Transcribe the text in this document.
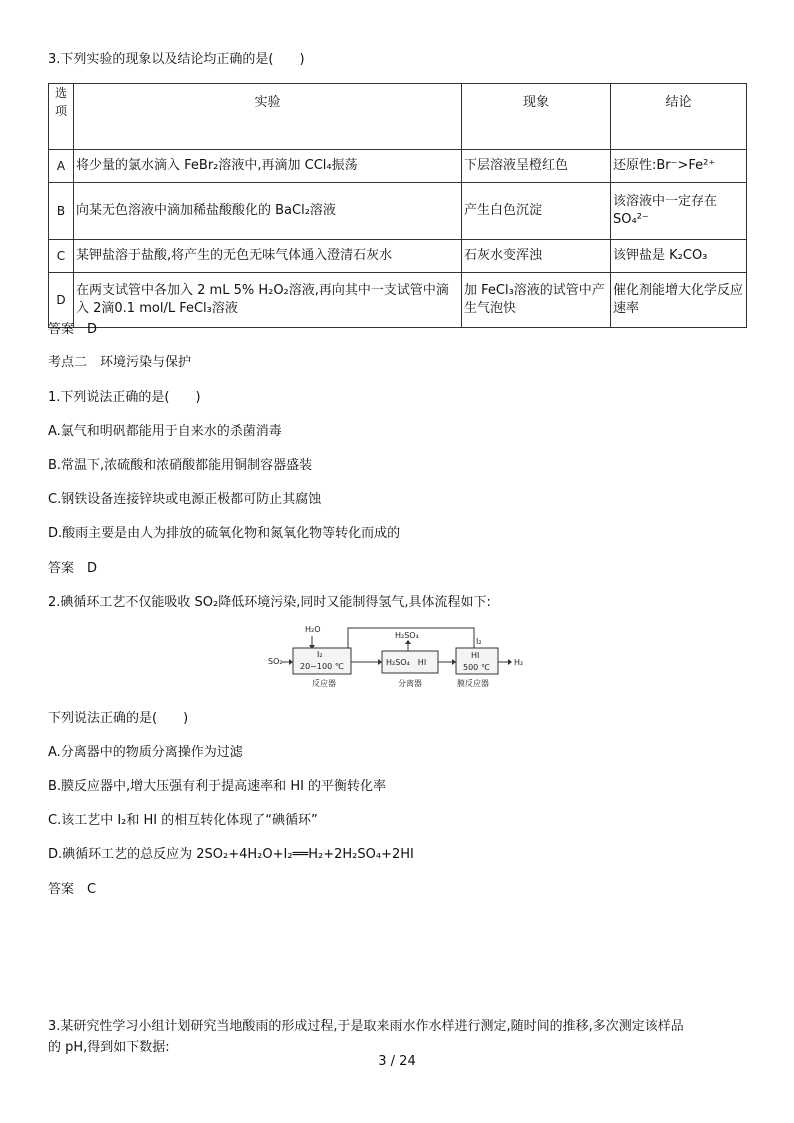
3.下列实验的现象以及结论均正确的是(　　)
选项	实验	现象	结论
A	将少量的氯水滴入 FeBr₂溶液中,再滴加 CCl₄振荡	下层溶液呈橙红色	还原性:Br⁻>Fe²⁺
B	向某无色溶液中滴加稀盐酸酸化的 BaCl₂溶液	产生白色沉淀	该溶液中一定存在 SO₄²⁻
C	某钾盐溶于盐酸,将产生的无色无味气体通入澄清石灰水	石灰水变浑浊	该钾盐是 K₂CO₃
D	在两支试管中各加入 2 mL 5% H₂O₂溶液,再向其中一支试管中滴入 2滴0.1 mol/L FeCl₃溶液	加 FeCl₃溶液的试管中产生气泡快	催化剂能增大化学反应速率
答案　D
考点二　环境污染与保护
1.下列说法正确的是(　　)
A.氯气和明矾都能用于自来水的杀菌消毒
B.常温下,浓硫酸和浓硝酸都能用铜制容器盛装
C.钢铁设备连接锌块或电源正极都可防止其腐蚀
D.酸雨主要是由人为排放的硫氧化物和氮氧化物等转化而成的
答案　D
2.碘循环工艺不仅能吸收 SO₂降低环境污染,同时又能制得氢气,具体流程如下:
H₂O
SO₂
I₂
20~100 ℃
反应器
H₂SO₄
H₂SO₄　HI
分离器
I₂
HI
500 ℃
膜反应器
H₂
下列说法正确的是(　　)
A.分离器中的物质分离操作为过滤
B.膜反应器中,增大压强有利于提高速率和 HI 的平衡转化率
C.该工艺中 I₂和 HI 的相互转化体现了“碘循环”
D.碘循环工艺的总反应为 2SO₂+4H₂O+I₂══H₂+2H₂SO₄+2HI
答案　C
3.某研究性学习小组计划研究当地酸雨的形成过程,于是取来雨水作水样进行测定,随时间的推移,多次测定该样品
的 pH,得到如下数据:
3 / 24
